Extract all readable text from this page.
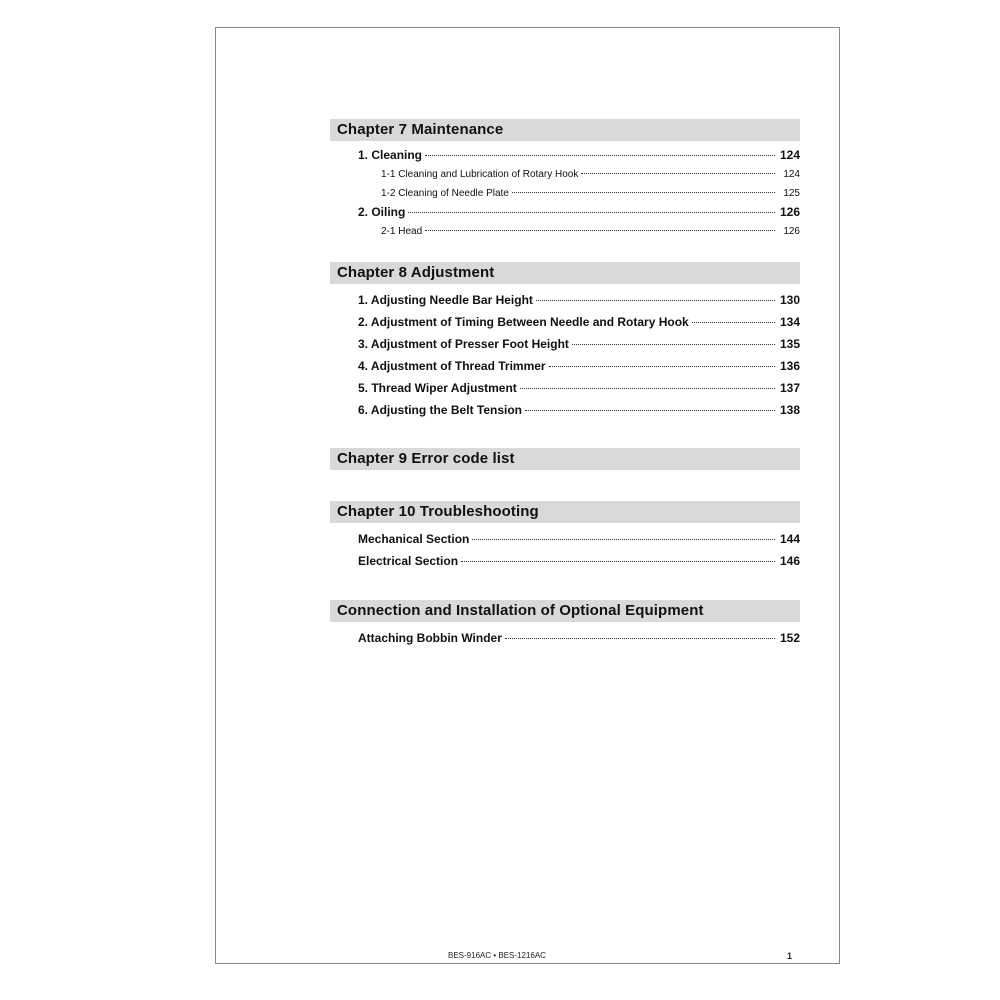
Chapter 7 Maintenance
1. Cleaning	124
1-1 Cleaning and Lubrication of Rotary Hook	124
1-2 Cleaning of Needle Plate	125
2. Oiling	126
2-1 Head	126
Chapter 8 Adjustment
1. Adjusting Needle Bar Height	130
2. Adjustment of Timing Between Needle and Rotary Hook	134
3. Adjustment of Presser Foot Height	135
4. Adjustment of Thread Trimmer	136
5. Thread Wiper Adjustment	137
6. Adjusting the Belt Tension	138
Chapter 9 Error code list
Chapter 10 Troubleshooting
Mechanical Section	144
Electrical Section	146
Connection and Installation of Optional Equipment
Attaching Bobbin Winder	152
BES-916AC • BES-1216AC	1
